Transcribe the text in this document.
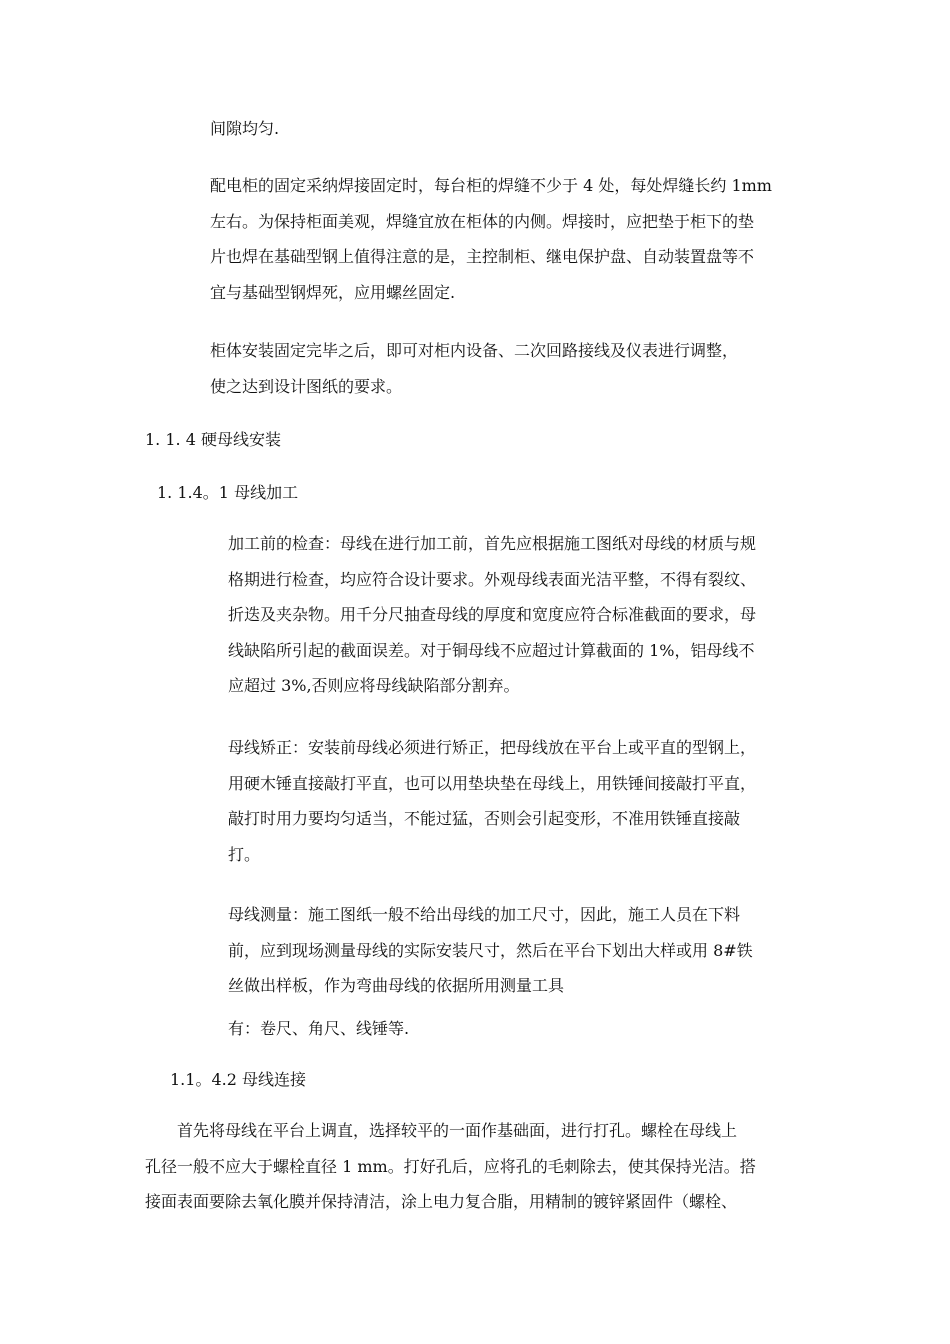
间隙均匀.
配电柜的固定采纳焊接固定时，每台柜的焊缝不少于 4 处，每处焊缝长约 1mm
左右。为保持柜面美观，焊缝宜放在柜体的内侧。焊接时，应把垫于柜下的垫
片也焊在基础型钢上值得注意的是，主控制柜、继电保护盘、自动装置盘等不
宜与基础型钢焊死，应用螺丝固定.
柜体安装固定完毕之后，即可对柜内设备、二次回路接线及仪表进行调整，
使之达到设计图纸的要求。
1. 1. 4 硬母线安装
1. 1.4。1 母线加工
加工前的检查：母线在进行加工前，首先应根据施工图纸对母线的材质与规
格期进行检查，均应符合设计要求。外观母线表面光洁平整，不得有裂纹、
折迭及夹杂物。用千分尺抽查母线的厚度和宽度应符合标准截面的要求，母
线缺陷所引起的截面误差。对于铜母线不应超过计算截面的 1%，铝母线不
应超过 3%,否则应将母线缺陷部分割弃。
母线矫正：安装前母线必须进行矫正，把母线放在平台上或平直的型钢上，
用硬木锤直接敲打平直，也可以用垫块垫在母线上，用铁锤间接敲打平直，
敲打时用力要均匀适当，不能过猛，否则会引起变形，不准用铁锤直接敲
打。
母线测量：施工图纸一般不给出母线的加工尺寸，因此，施工人员在下料
前，应到现场测量母线的实际安装尺寸，然后在平台下划出大样或用 8#铁
丝做出样板，作为弯曲母线的依据所用测量工具
有：卷尺、角尺、线锤等.
1.1。4.2 母线连接
首先将母线在平台上调直，选择较平的一面作基础面，进行打孔。螺栓在母线上
孔径一般不应大于螺栓直径 1 mm。打好孔后，应将孔的毛刺除去，使其保持光洁。搭
接面表面要除去氧化膜并保持清洁，涂上电力复合脂，用精制的镀锌紧固件（螺栓、
